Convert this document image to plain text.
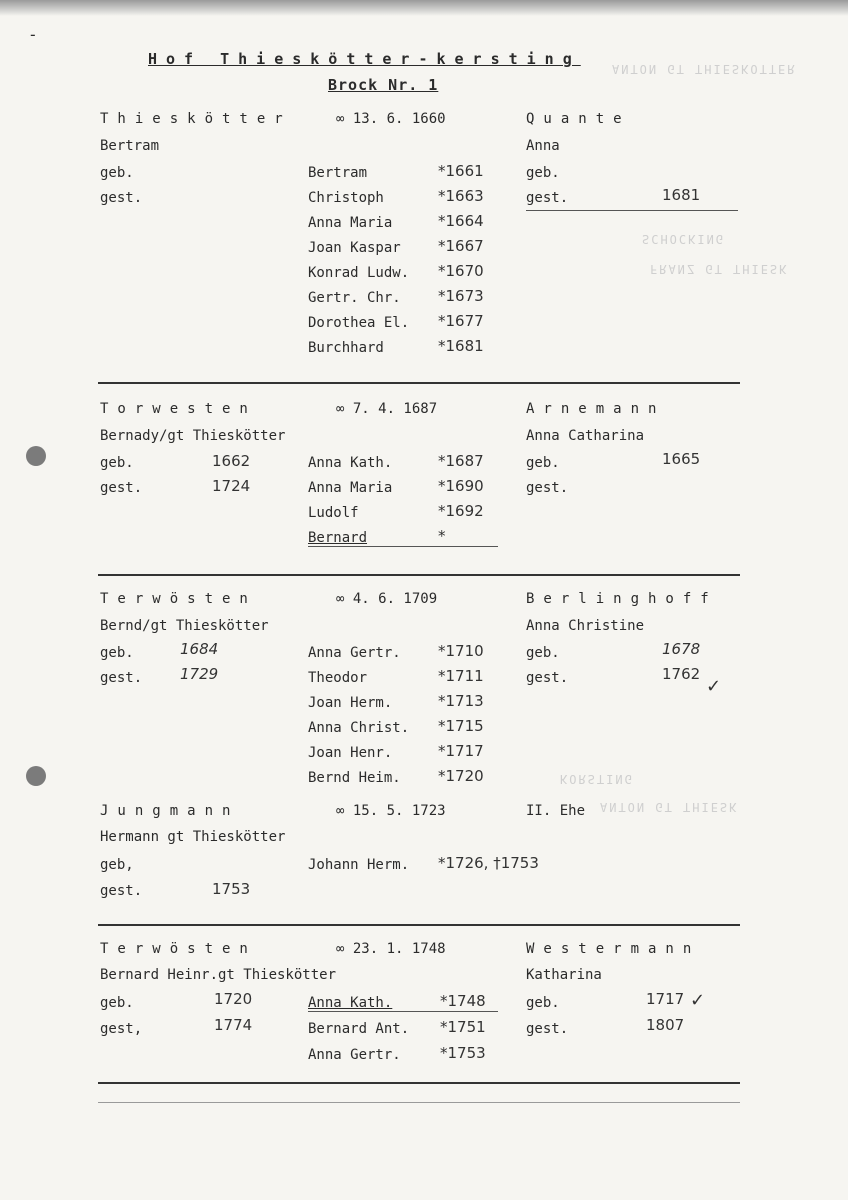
-
ANTON GT THIESKOTTER
SCHOCKING
FRANZ GT THIESK
KORSTING
ANTON GT THIESK
Hof Thieskötter-kersting
Brock Nr. 1
Thieskötter	∞ 13. 6. 1660	Quante
Bertram	Anna
geb.
gest.
geb.
gest.	1681
Bertram	*1661
Christoph	*1663
Anna Maria	*1664
Joan Kaspar *1667
Konrad Ludw. *1670
Gertr. Chr. *1673
Dorothea El. *1677
Burchhard	*1681
Torwesten	∞ 7. 4. 1687	Arnemann
Bernady/gt Thieskötter	Anna Catharina
geb.	1662
gest.	1724
geb.	1665
gest.
Anna Kath.	*1687
Anna Maria	*1690
Ludolf	*1692
Bernard	*
Terwösten	∞ 4. 6. 1709	Berlinghoff
Bernd/gt Thieskötter	Anna Christine
geb.	1684
gest.	1729
geb.	1678
gest.	1762
✓
Anna Gertr. *1710
Theodor	*1711
Joan Herm.	*1713
Anna Christ. *1715
Joan Henr.	*1717
Bernd Heim. *1720
Jungmann	∞ 15. 5. 1723	II. Ehe
Hermann gt Thieskötter
geb,
gest.	1753
Johann Herm. *1726, †1753
Terwösten	∞ 23. 1. 1748	Westermann
Bernard Heinr.gt Thieskötter	Katharina
geb.	1720
gest,	1774
geb.	1717 ✓
gest.	1807
Anna Kath.	*1748
Bernard Ant. *1751
Anna Gertr.	*1753
